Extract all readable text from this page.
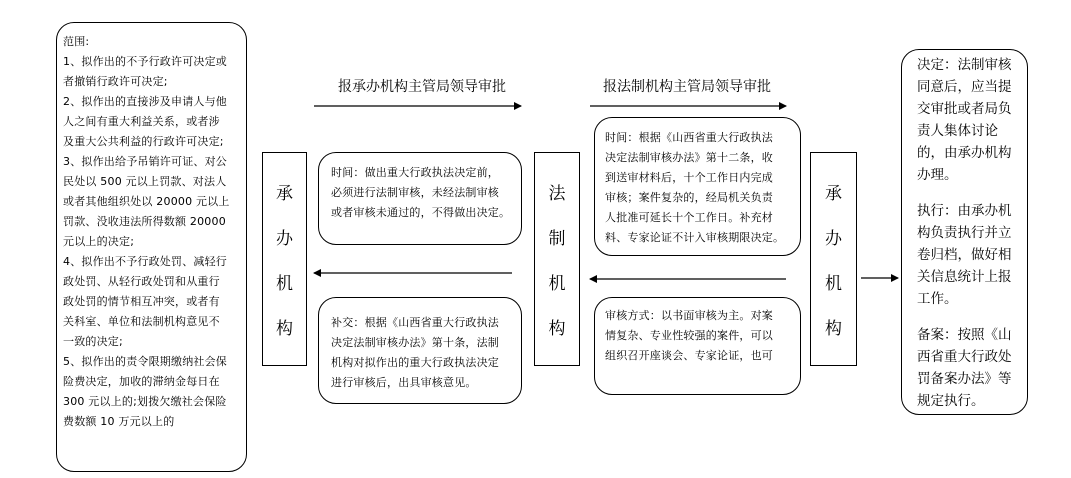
范围:
1、拟作出的不予行政许可决定或
者撤销行政许可决定;
2、拟作出的直接涉及申请人与他
人之间有重大利益关系，或者涉
及重大公共利益的行政许可决定;
3、拟作出给予吊销许可证、对公
民处以 500 元以上罚款、对法人
或者其他组织处以 20000 元以上
罚款、没收违法所得数额 20000
元以上的决定;
4、拟作出不予行政处罚、减轻行
政处罚、从轻行政处罚和从重行
政处罚的情节相互冲突，或者有
关科室、单位和法制机构意见不
一致的决定;
5、拟作出的责令限期缴纳社会保
险费决定，加收的滞纳金每日在
300 元以上的;划拨欠缴社会保险
费数额 10 万元以上的
承
办
机
构
法
制
机
构
承
办
机
构
报承办机构主管局领导审批	报法制机构主管局领导审批
时间：做出重大行政执法决定前，
必须进行法制审核，未经法制审核
或者审核未通过的，不得做出决定。
补交：根据《山西省重大行政执法
决定法制审核办法》第十条，法制
机构对拟作出的重大行政执法决定
进行审核后，出具审核意见。
时间：根据《山西省重大行政执法
决定法制审核办法》第十二条，收
到送审材料后，十个工作日内完成
审核；案件复杂的，经局机关负责
人批准可延长十个工作日。补充材
料、专家论证不计入审核期限决定。
审核方式：以书面审核为主。对案
情复杂、专业性较强的案件，可以
组织召开座谈会、专家论证，也可
决定：法制审核
同意后，应当提
交审批或者局负
责人集体讨论
的，由承办机构
办理。
执行：由承办机
构负责执行并立
卷归档，做好相
关信息统计上报
工作。
备案：按照《山
西省重大行政处
罚备案办法》等
规定执行。
